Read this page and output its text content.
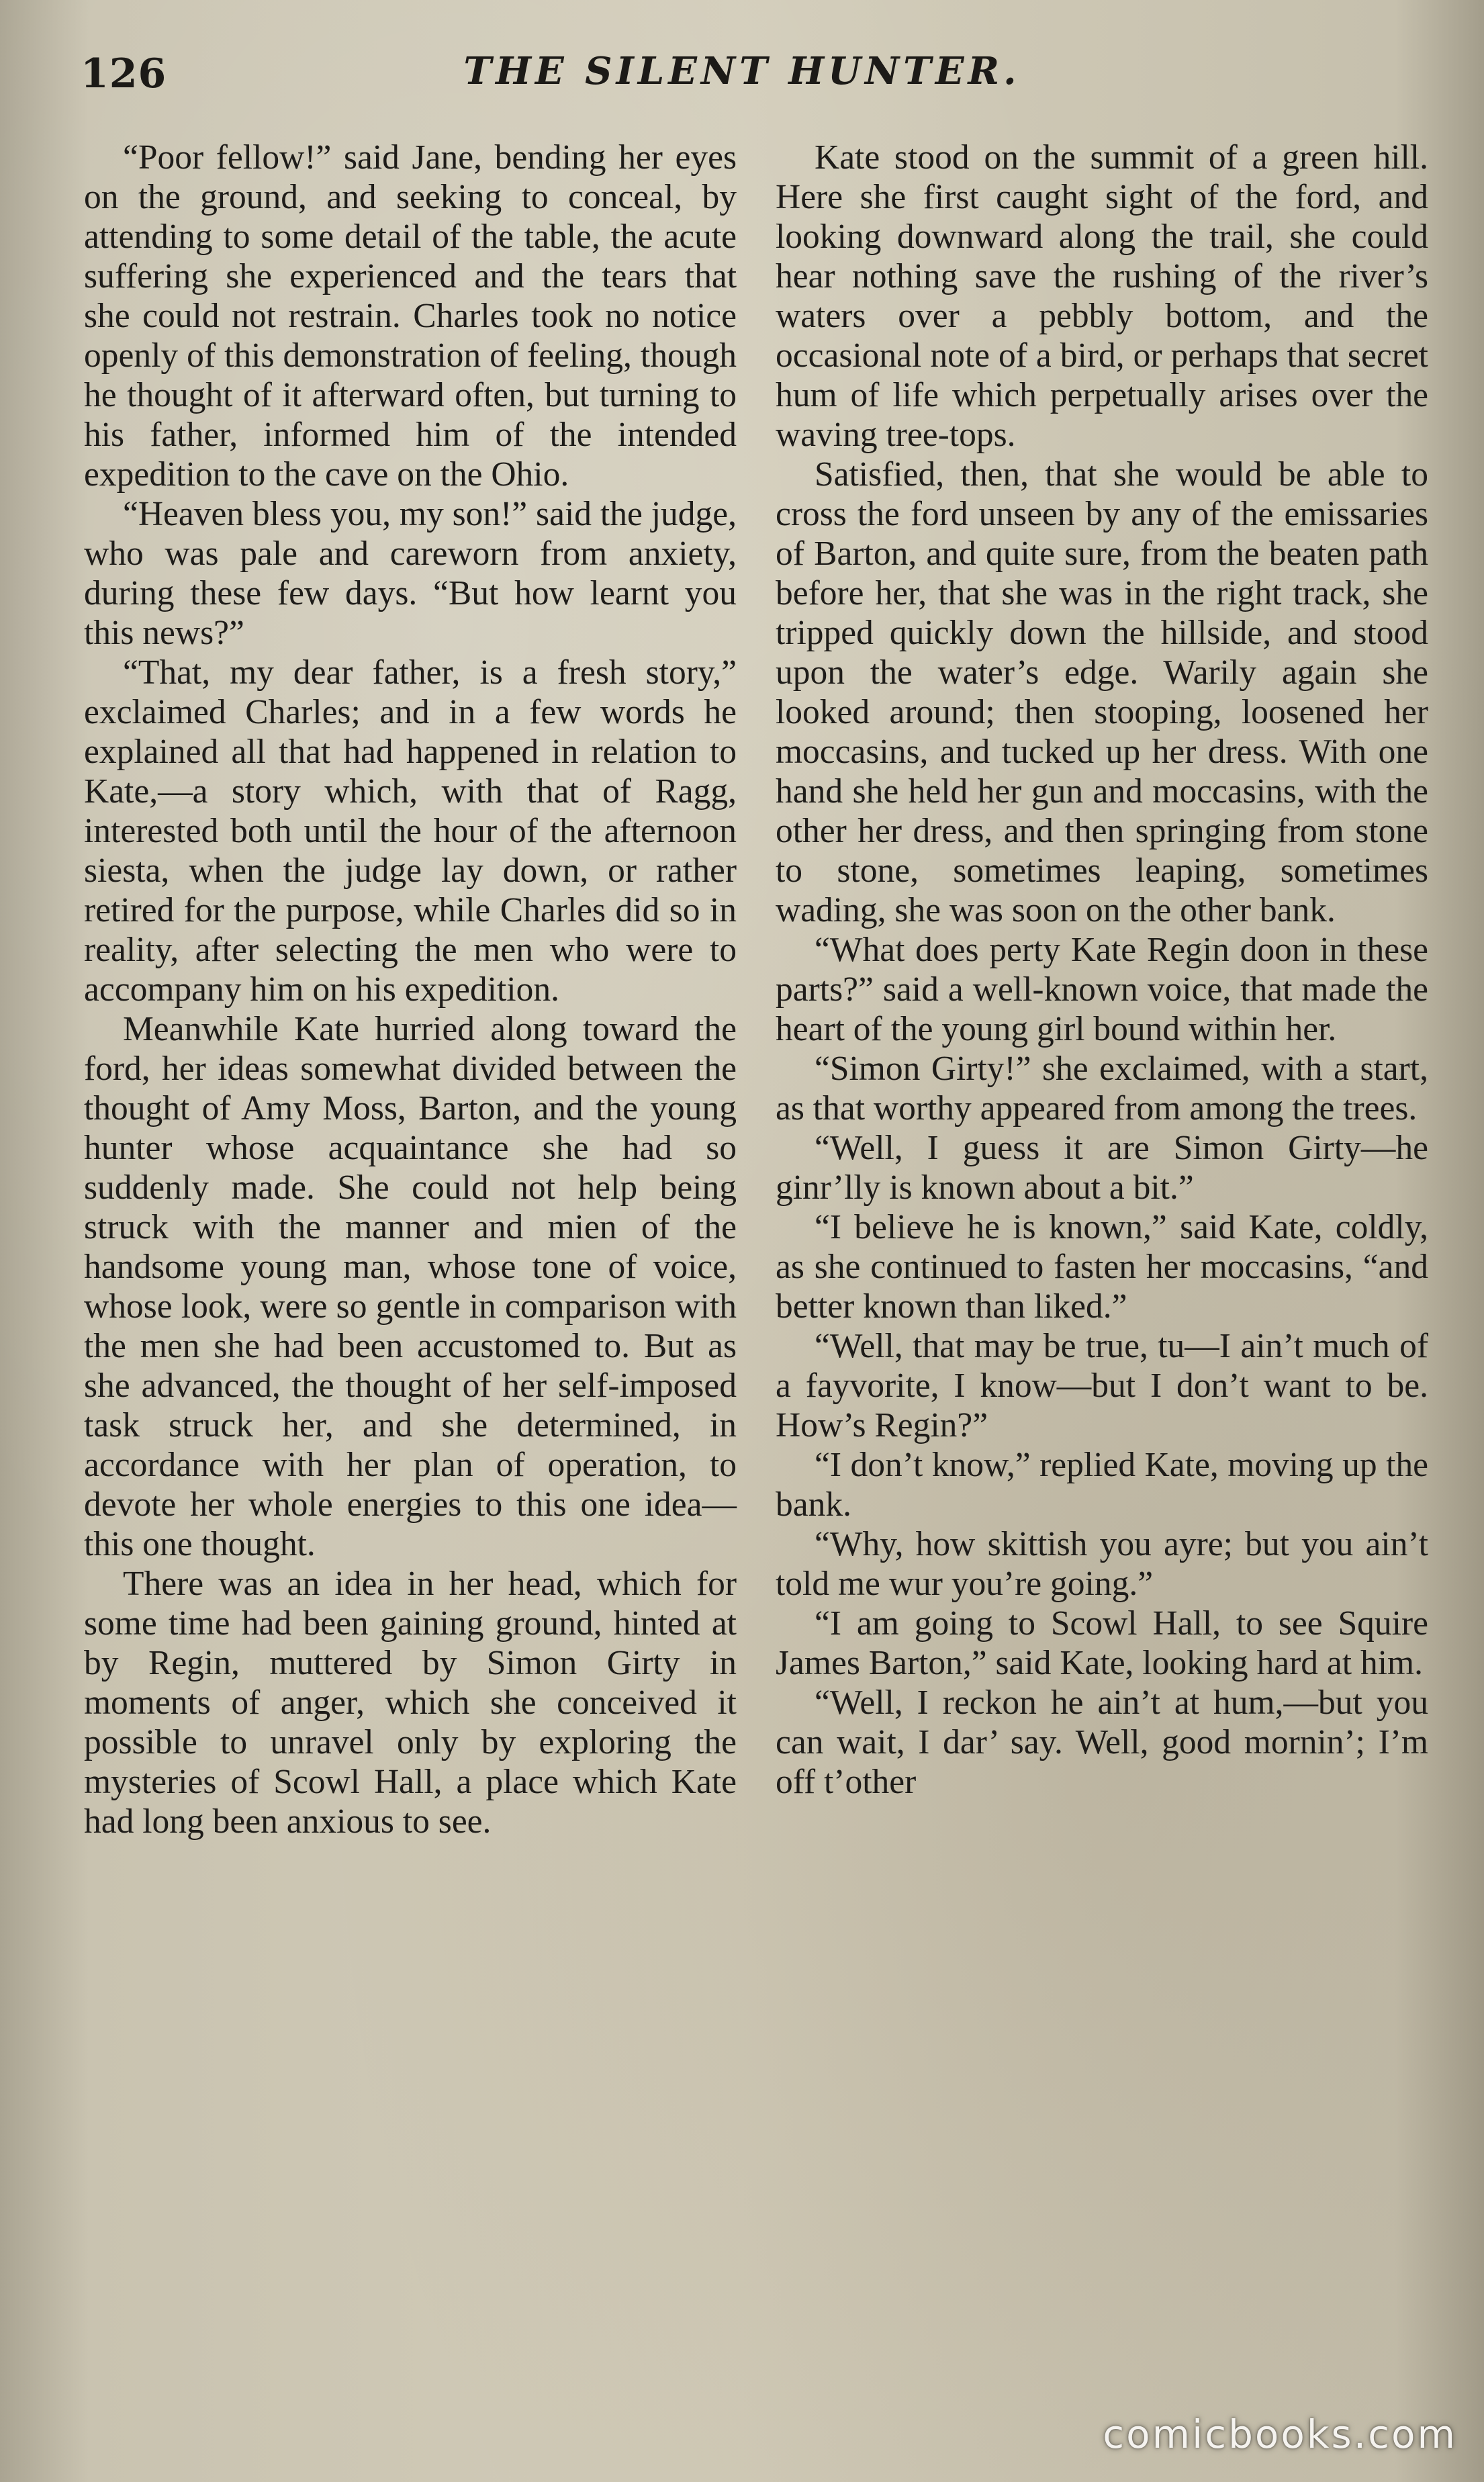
126	THE SILENT HUNTER.

“Poor fellow!” said Jane, bending her eyes on the ground, and seeking to conceal, by attending to some detail of the table, the acute suffering she experienced and the tears that she could not restrain. Charles took no notice openly of this demonstration of feeling, though he thought of it afterward often, but turning to his father, informed him of the intended expedition to the cave on the Ohio.

“Heaven bless you, my son!” said the judge, who was pale and careworn from anxiety, during these few days. “But how learnt you this news?”

“That, my dear father, is a fresh story,” exclaimed Charles; and in a few words he explained all that had happened in relation to Kate,—a story which, with that of Ragg, interested both until the hour of the afternoon siesta, when the judge lay down, or rather retired for the purpose, while Charles did so in reality, after selecting the men who were to accompany him on his expedition.

Meanwhile Kate hurried along toward the ford, her ideas somewhat divided between the thought of Amy Moss, Barton, and the young hunter whose acquaintance she had so suddenly made. She could not help being struck with the manner and mien of the handsome young man, whose tone of voice, whose look, were so gentle in comparison with the men she had been accustomed to. But as she advanced, the thought of her self-imposed task struck her, and she determined, in accordance with her plan of operation, to devote her whole energies to this one idea—this one thought.

There was an idea in her head, which for some time had been gaining ground, hinted at by Regin, muttered by Simon Girty in moments of anger, which she conceived it possible to unravel only by exploring the mysteries of Scowl Hall, a place which Kate had long been anxious to see.

Kate stood on the summit of a green hill. Here she first caught sight of the ford, and looking downward along the trail, she could hear nothing save the rushing of the river’s waters over a pebbly bottom, and the occasional note of a bird, or perhaps that secret hum of life which perpetually arises over the waving tree-tops.

Satisfied, then, that she would be able to cross the ford unseen by any of the emissaries of Barton, and quite sure, from the beaten path before her, that she was in the right track, she tripped quickly down the hillside, and stood upon the water’s edge. Warily again she looked around; then stooping, loosened her moccasins, and tucked up her dress. With one hand she held her gun and moccasins, with the other her dress, and then springing from stone to stone, sometimes leaping, sometimes wading, she was soon on the other bank.

“What does perty Kate Regin doon in these parts?” said a well-known voice, that made the heart of the young girl bound within her.

“Simon Girty!” she exclaimed, with a start, as that worthy appeared from among the trees.

“Well, I guess it are Simon Girty—he ginr’lly is known about a bit.”

“I believe he is known,” said Kate, coldly, as she continued to fasten her moccasins, “and better known than liked.”

“Well, that may be true, tu—I ain’t much of a fayvorite, I know—but I don’t want to be. How’s Regin?”

“I don’t know,” replied Kate, moving up the bank.

“Why, how skittish you ayre; but you ain’t told me wur you’re going.”

“I am going to Scowl Hall, to see Squire James Barton,” said Kate, looking hard at him.

“Well, I reckon he ain’t at hum,—but you can wait, I dar’ say. Well, good mornin’; I’m off t’other

comicbooks.com
